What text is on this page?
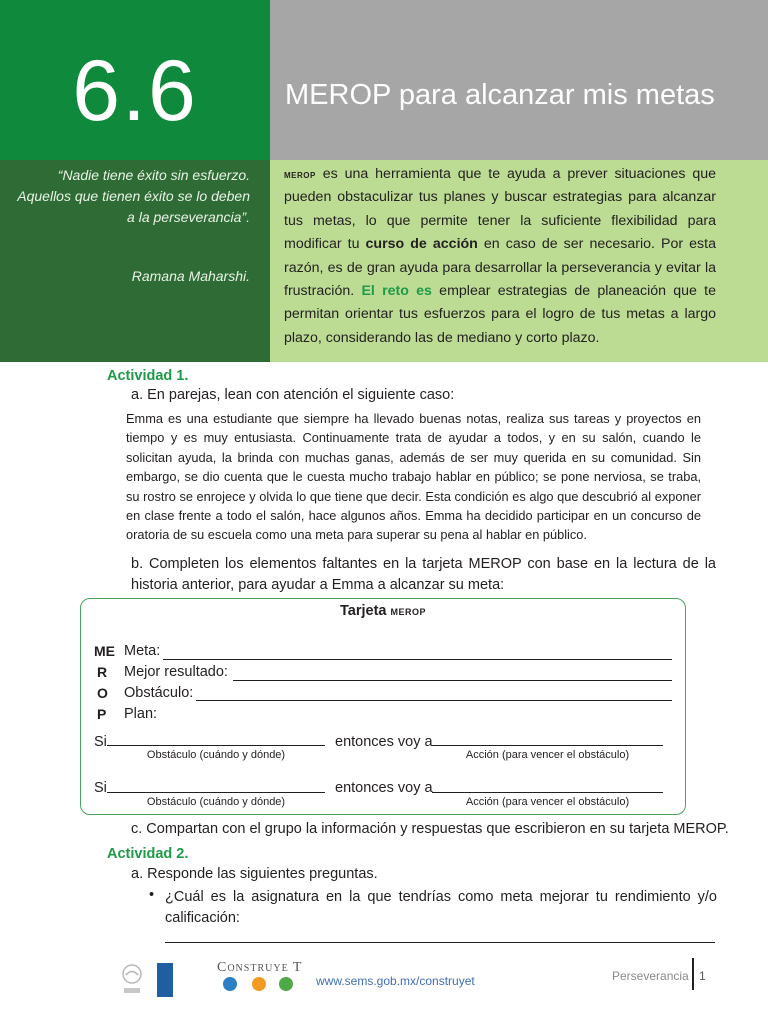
6.6	MEROP para alcanzar mis metas
“Nadie tiene éxito sin esfuerzo. Aquellos que tienen éxito se lo deben a la perseverancia”.
Ramana Maharshi.
merop es una herramienta que te ayuda a prever situaciones que pueden obstaculizar tus planes y buscar estrategias para alcanzar tus metas, lo que permite tener la suficiente flexibilidad para modificar tu curso de acción en caso de ser necesario. Por esta razón, es de gran ayuda para desarrollar la perseverancia y evitar la frustración. El reto es emplear estrategias de planeación que te permitan orientar tus esfuerzos para el logro de tus metas a largo plazo, considerando las de mediano y corto plazo.
Actividad 1.
a. En parejas, lean con atención el siguiente caso:
Emma es una estudiante que siempre ha llevado buenas notas, realiza sus tareas y proyectos en tiempo y es muy entusiasta. Continuamente trata de ayudar a todos, y en su salón, cuando le solicitan ayuda, la brinda con muchas ganas, además de ser muy querida en su comunidad. Sin embargo, se dio cuenta que le cuesta mucho trabajo hablar en público; se pone nerviosa, se traba, su rostro se enrojece y olvida lo que tiene que decir. Esta condición es algo que descubrió al exponer en clase frente a todo el salón, hace algunos años. Emma ha decidido participar en un concurso de oratoria de su escuela como una meta para superar su pena al hablar en público.
b. Completen los elementos faltantes en la tarjeta MEROP con base en la lectura de la historia anterior, para ayudar a Emma a alcanzar su meta:
Tarjeta merop
ME
R
O
P
Meta:
Mejor resultado:
Obstáculo:
Plan:
Si
Obstáculo (cuándo y dónde)
entonces voy a
Acción (para vencer el obstáculo)
Si
Obstáculo (cuándo y dónde)
entonces voy a
Acción (para vencer el obstáculo)
c. Compartan con el grupo la información y respuestas que escribieron en su tarjeta MEROP.
Actividad 2.
a. Responde las siguientes preguntas.
• ¿Cuál es la asignatura en la que tendrías como meta mejorar tu rendimiento y/o calificación:
Construye T
www.sems.gob.mx/construyet	Perseverancia 1
